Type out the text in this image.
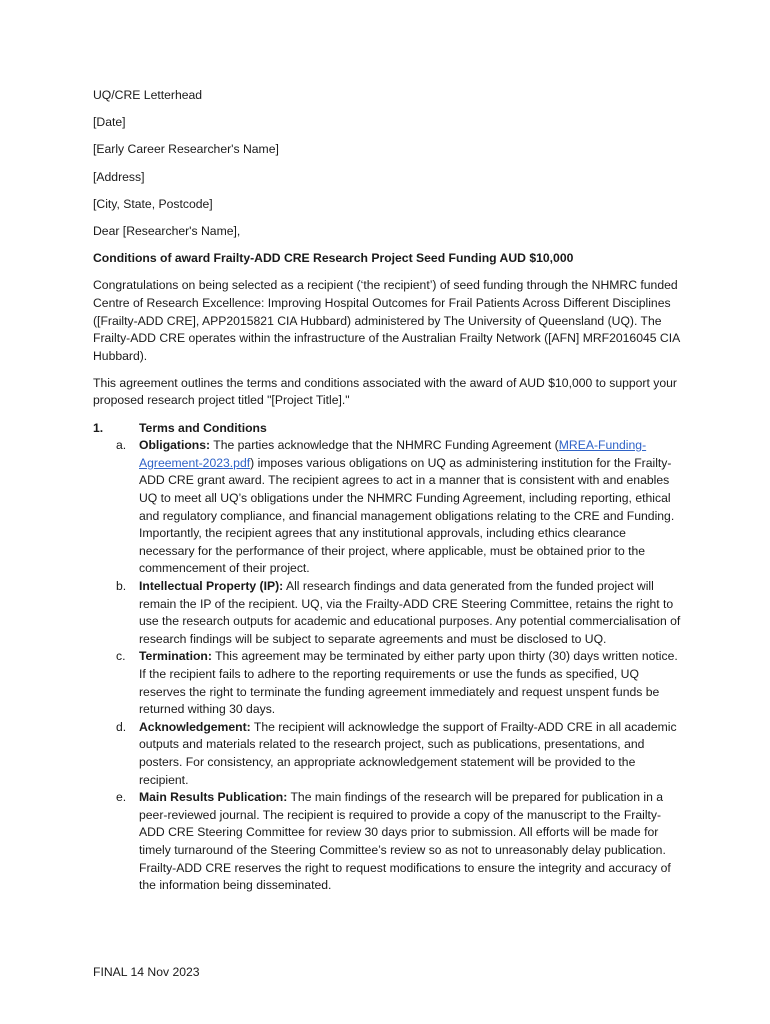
UQ/CRE Letterhead
[Date]
[Early Career Researcher's Name]
[Address]
[City, State, Postcode]
Dear [Researcher's Name],
Conditions of award Frailty-ADD CRE Research Project Seed Funding AUD $10,000

Congratulations on being selected as a recipient (‘the recipient’) of seed funding through the NHMRC funded Centre of Research Excellence: Improving Hospital Outcomes for Frail Patients Across Different Disciplines ([Frailty-ADD CRE], APP2015821 CIA Hubbard) administered by The University of Queensland (UQ). The Frailty-ADD CRE operates within the infrastructure of the Australian Frailty Network ([AFN] MRF2016045 CIA Hubbard).

This agreement outlines the terms and conditions associated with the award of AUD $10,000 to support your proposed research project titled "[Project Title]."

1.	Terms and Conditions
a.	Obligations: The parties acknowledge that the NHMRC Funding Agreement (MREA-Funding-Agreement-2023.pdf) imposes various obligations on UQ as administering institution for the Frailty-ADD CRE grant award. The recipient agrees to act in a manner that is consistent with and enables UQ to meet all UQ’s obligations under the NHMRC Funding Agreement, including reporting, ethical and regulatory compliance, and financial management obligations relating to the CRE and Funding. Importantly, the recipient agrees that any institutional approvals, including ethics clearance necessary for the performance of their project, where applicable, must be obtained prior to the commencement of their project.
b.	Intellectual Property (IP): All research findings and data generated from the funded project will remain the IP of the recipient. UQ, via the Frailty-ADD CRE Steering Committee, retains the right to use the research outputs for academic and educational purposes. Any potential commercialisation of research findings will be subject to separate agreements and must be disclosed to UQ.
c.	Termination: This agreement may be terminated by either party upon thirty (30) days written notice. If the recipient fails to adhere to the reporting requirements or use the funds as specified, UQ reserves the right to terminate the funding agreement immediately and request unspent funds be returned withing 30 days.
d.	Acknowledgement: The recipient will acknowledge the support of Frailty-ADD CRE in all academic outputs and materials related to the research project, such as publications, presentations, and posters. For consistency, an appropriate acknowledgement statement will be provided to the recipient.
e.	Main Results Publication: The main findings of the research will be prepared for publication in a peer-reviewed journal. The recipient is required to provide a copy of the manuscript to the Frailty-ADD CRE Steering Committee for review 30 days prior to submission. All efforts will be made for timely turnaround of the Steering Committee’s review so as not to unreasonably delay publication. Frailty-ADD CRE reserves the right to request modifications to ensure the integrity and accuracy of the information being disseminated.
FINAL 14 Nov 2023
